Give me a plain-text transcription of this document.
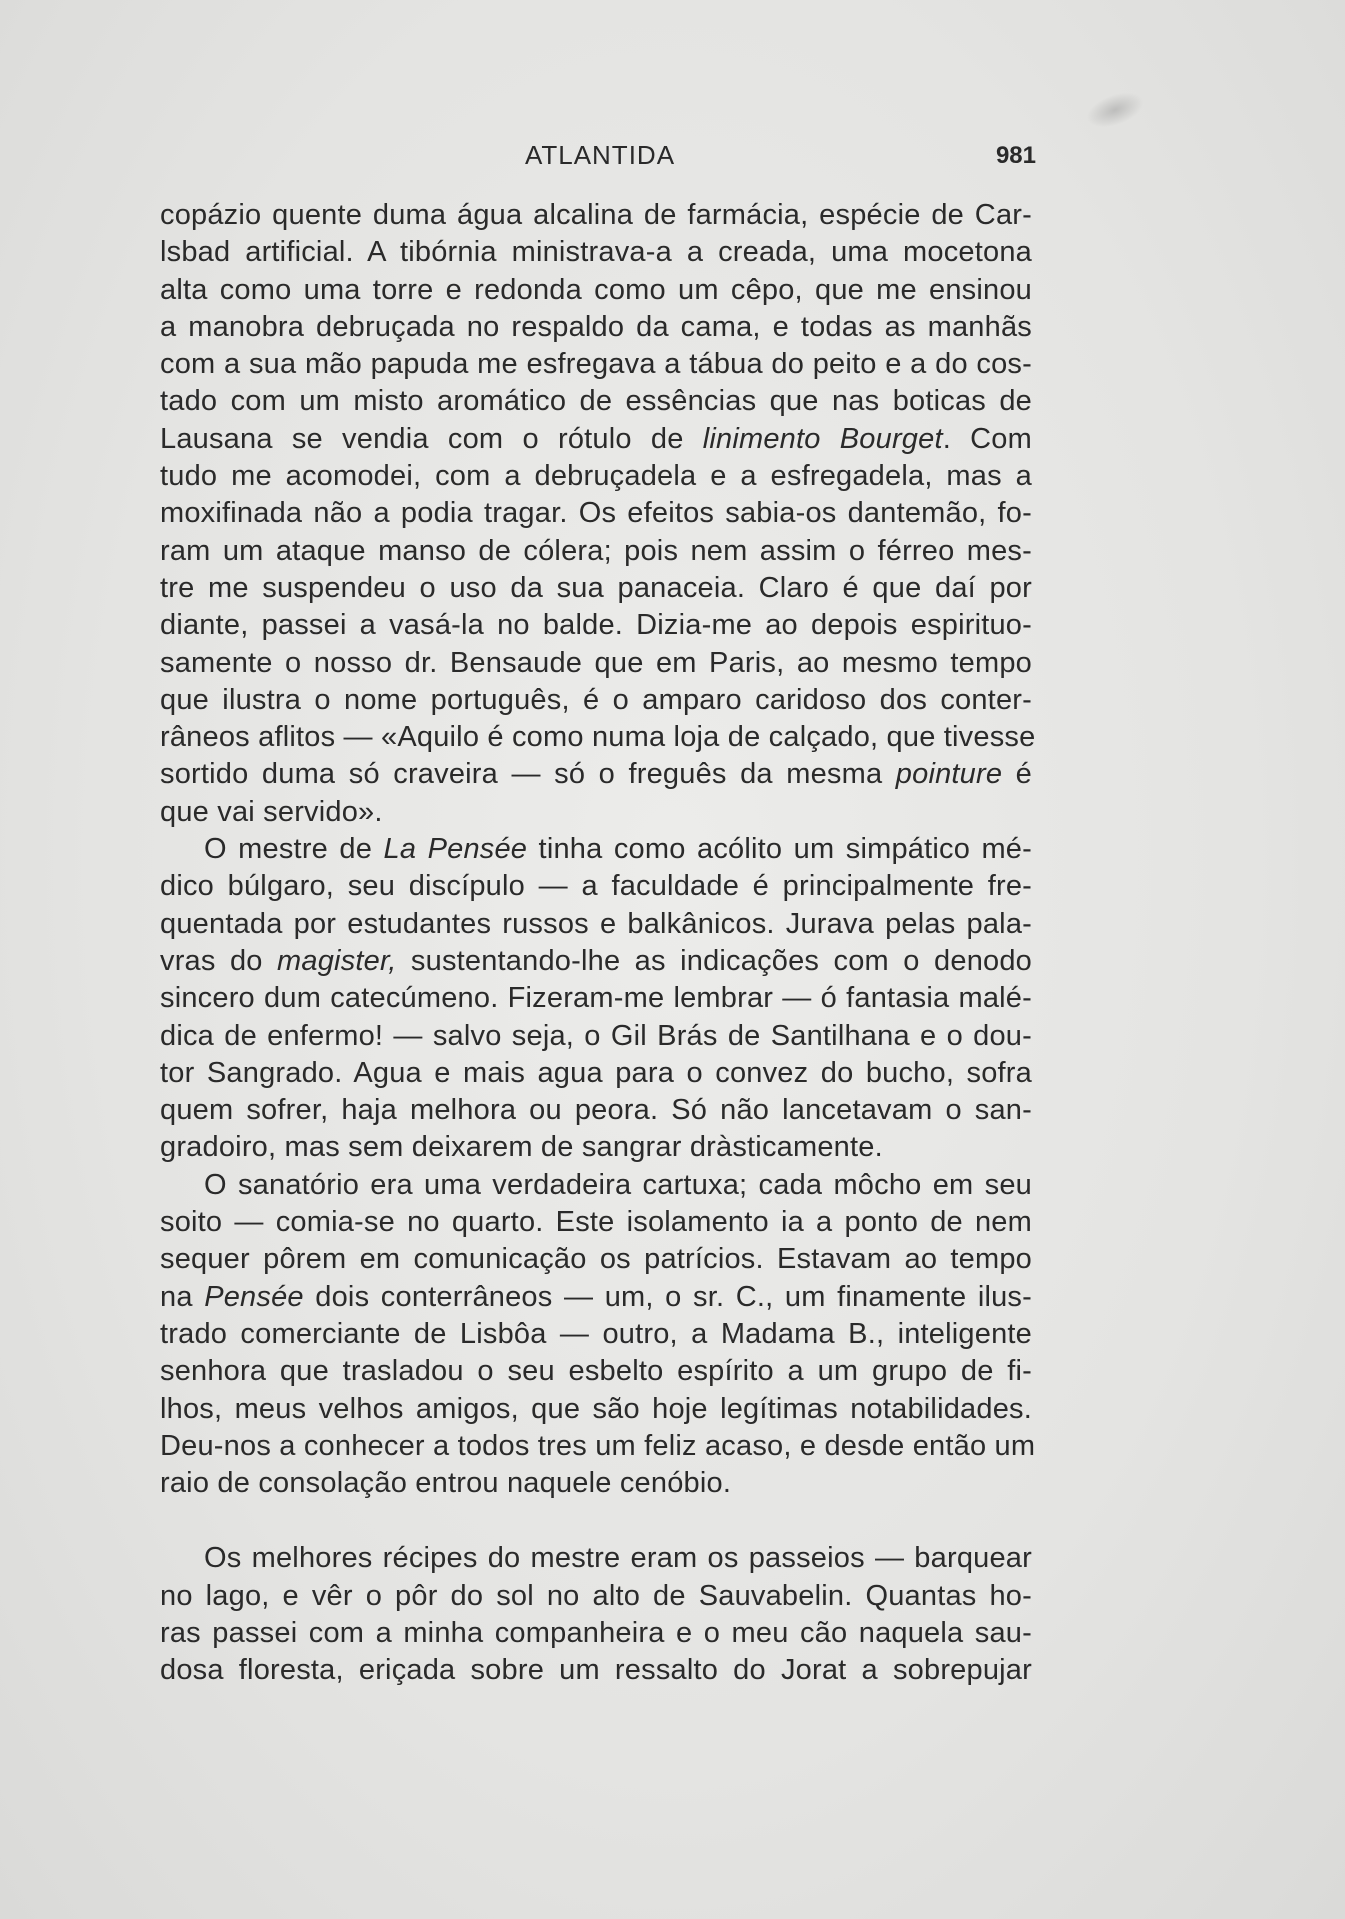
ATLANTIDA	981
copázio quente duma água alcalina de farmácia, espécie de Car-
lsbad artificial. A tibórnia ministrava-a a creada, uma mocetona
alta como uma torre e redonda como um cêpo, que me ensinou
a manobra debruçada no respaldo da cama, e todas as manhãs
com a sua mão papuda me esfregava a tábua do peito e a do cos-
tado com um misto aromático de essências que nas boticas de
Lausana se vendia com o rótulo de linimento Bourget. Com
tudo me acomodei, com a debruçadela e a esfregadela, mas a
moxifinada não a podia tragar. Os efeitos sabia-os dantemão, fo-
ram um ataque manso de cólera; pois nem assim o férreo mes-
tre me suspendeu o uso da sua panaceia. Claro é que daí por
diante, passei a vasá-la no balde. Dizia-me ao depois espirituo-
samente o nosso dr. Bensaude que em Paris, ao mesmo tempo
que ilustra o nome português, é o amparo caridoso dos conter-
râneos aflitos — «Aquilo é como numa loja de calçado, que tivesse
sortido duma só craveira — só o freguês da mesma pointure é
que vai servido».
O mestre de La Pensée tinha como acólito um simpático mé-
dico búlgaro, seu discípulo — a faculdade é principalmente fre-
quentada por estudantes russos e balkânicos. Jurava pelas pala-
vras do magister, sustentando-lhe as indicações com o denodo
sincero dum catecúmeno. Fizeram-me lembrar — ó fantasia malé-
dica de enfermo! — salvo seja, o Gil Brás de Santilhana e o dou-
tor Sangrado. Agua e mais agua para o convez do bucho, sofra
quem sofrer, haja melhora ou peora. Só não lancetavam o san-
gradoiro, mas sem deixarem de sangrar dràsticamente.
O sanatório era uma verdadeira cartuxa; cada môcho em seu
soito — comia-se no quarto. Este isolamento ia a ponto de nem
sequer pôrem em comunicação os patrícios. Estavam ao tempo
na Pensée dois conterrâneos — um, o sr. C., um finamente ilus-
trado comerciante de Lisbôa — outro, a Madama B., inteligente
senhora que trasladou o seu esbelto espírito a um grupo de fi-
lhos, meus velhos amigos, que são hoje legítimas notabilidades.
Deu-nos a conhecer a todos tres um feliz acaso, e desde então um
raio de consolação entrou naquele cenóbio.
Os melhores récipes do mestre eram os passeios — barquear
no lago, e vêr o pôr do sol no alto de Sauvabelin. Quantas ho-
ras passei com a minha companheira e o meu cão naquela sau-
dosa floresta, eriçada sobre um ressalto do Jorat a sobrepujar
